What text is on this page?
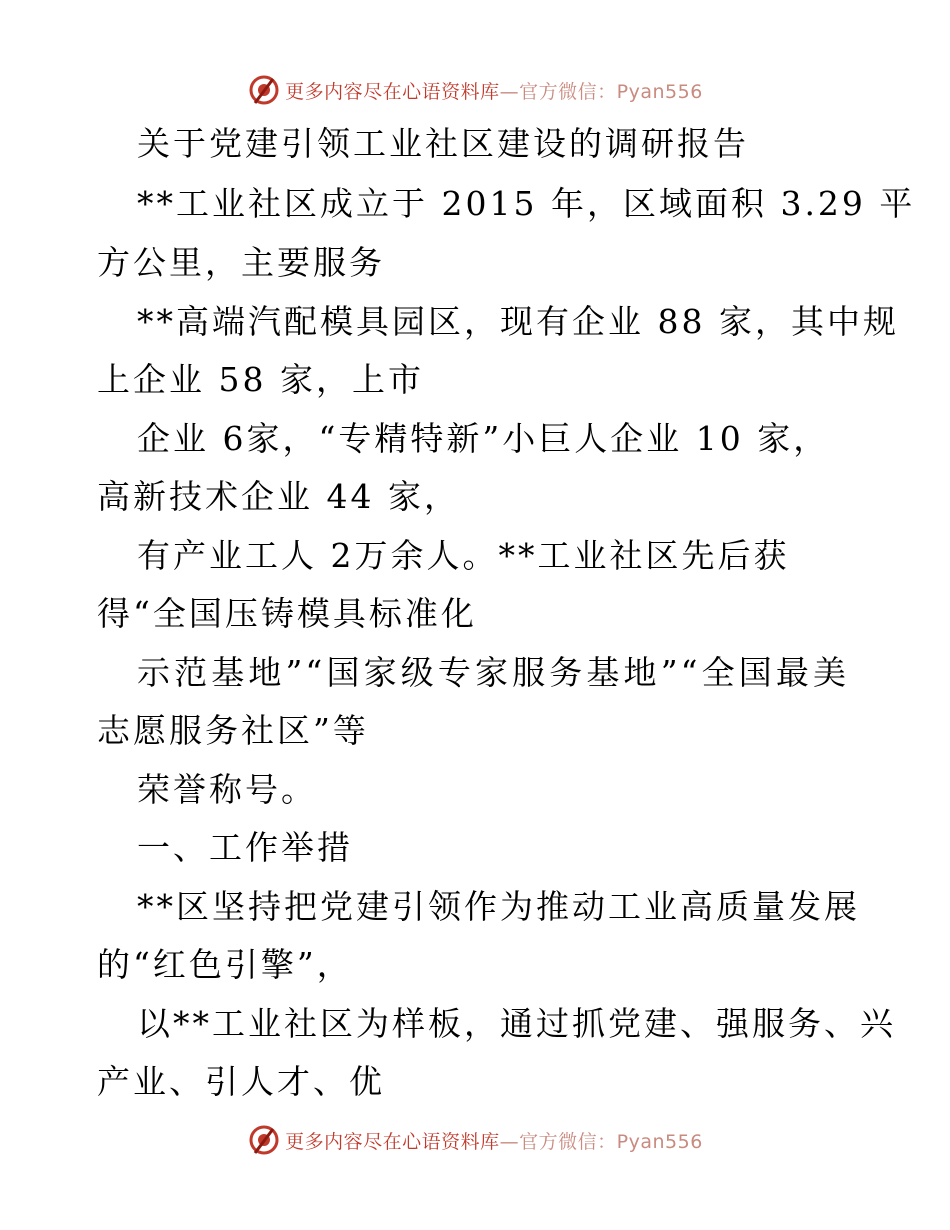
更多内容尽在心语资料库—官方微信：Pyan556
关于党建引领工业社区建设的调研报告
**工业社区成立于 2015 年，区域面积 3.29 平
方公里，主要服务
**高端汽配模具园区，现有企业 88 家，其中规
上企业 58 家，上市
企业 6家，“专精特新”小巨人企业 10 家，
高新技术企业 44 家，
有产业工人 2万余人。**工业社区先后获
得“全国压铸模具标准化
示范基地”“国家级专家服务基地”“全国最美
志愿服务社区”等
荣誉称号。
一、工作举措
**区坚持把党建引领作为推动工业高质量发展
的“红色引擎”，
以**工业社区为样板，通过抓党建、强服务、兴
产业、引人才、优
更多内容尽在心语资料库—官方微信：Pyan556
